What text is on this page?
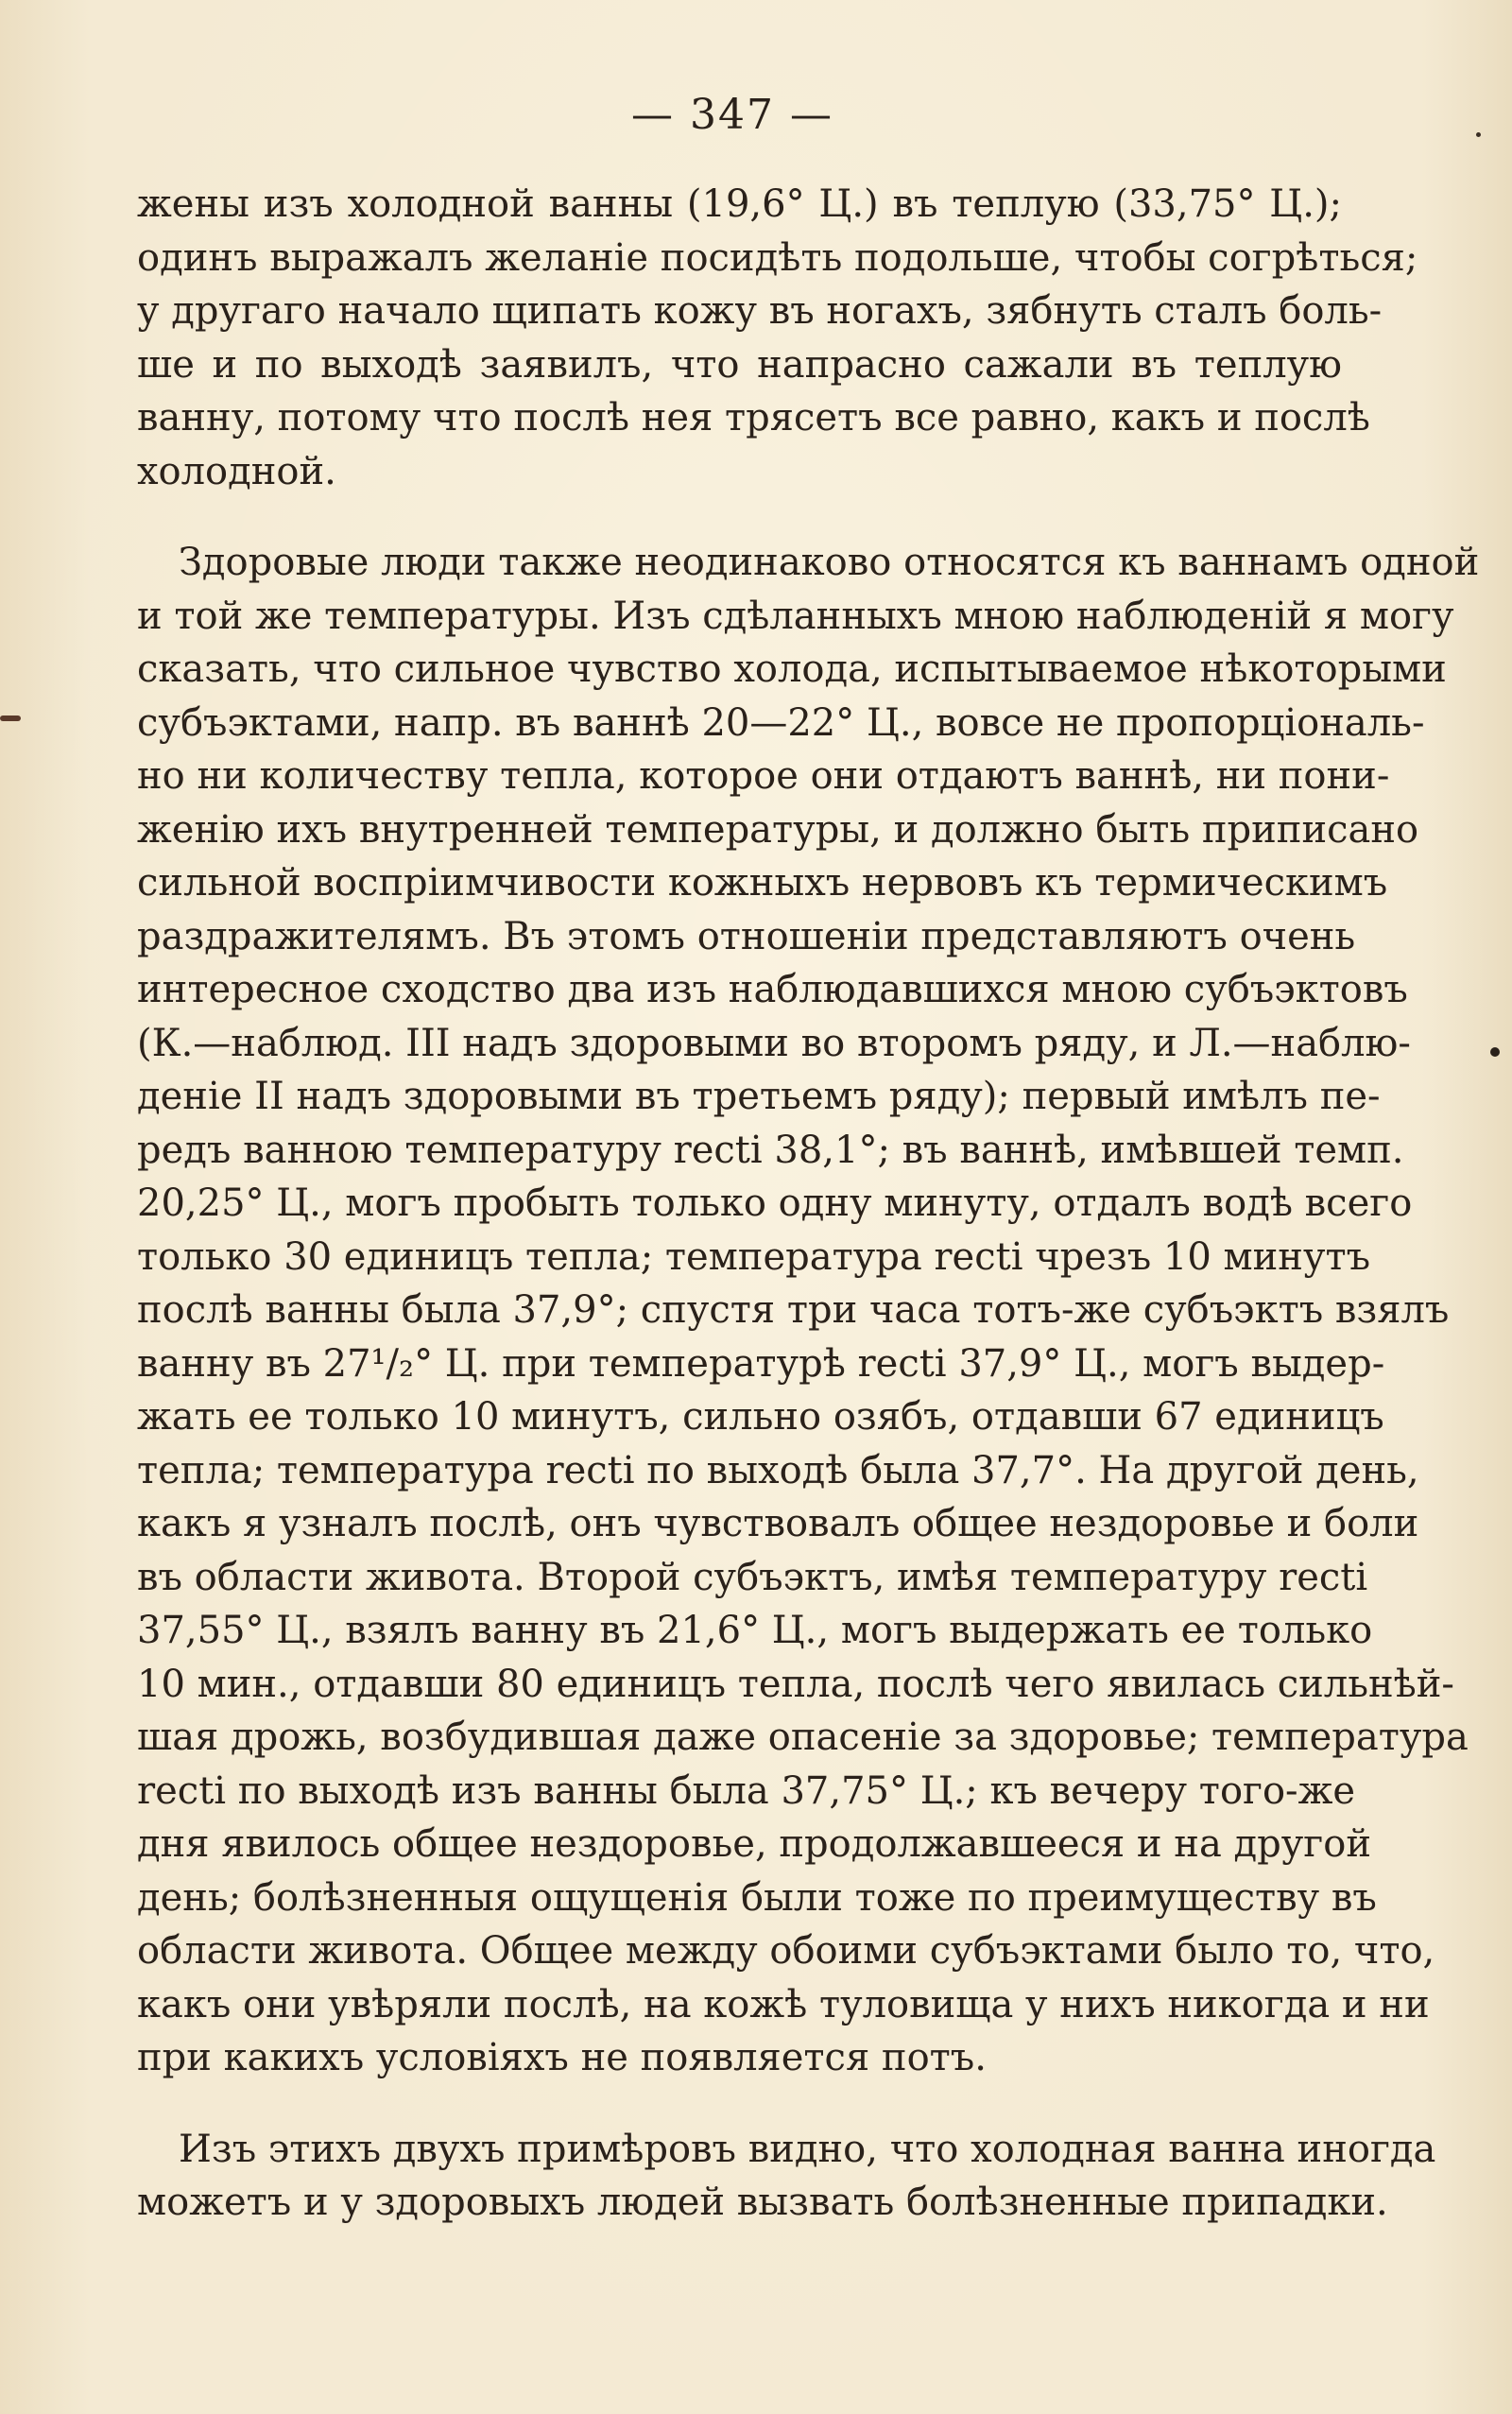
— 347 —

жены изъ холодной ванны (19,6° Ц.) въ теплую (33,75° Ц.);
одинъ выражалъ желаніе посидѣть подольше, чтобы согрѣться;
у другаго начало щипать кожу въ ногахъ, зябнуть сталъ боль-
ше и по выходѣ заявилъ, что напрасно сажали въ теплую
ванну, потому что послѣ нея трясетъ все равно, какъ и послѣ
холодной.

Здоровые люди также неодинаково относятся къ ваннамъ одной
и той же температуры. Изъ сдѣланныхъ мною наблюденій я могу
сказать, что сильное чувство холода, испытываемое нѣкоторыми
субъэктами, напр. въ ваннѣ 20—22° Ц., вовсе не пропорціональ-
но ни количеству тепла, которое они отдаютъ ваннѣ, ни пони-
женію ихъ внутренней температуры, и должно быть приписано
сильной воспріимчивости кожныхъ нервовъ къ термическимъ
раздражителямъ. Въ этомъ отношеніи представляютъ очень
интересное сходство два изъ наблюдавшихся мною субъэктовъ
(К.—наблюд. III надъ здоровыми во второмъ ряду, и Л.—наблю-
деніе II надъ здоровыми въ третьемъ ряду); первый имѣлъ пе-
редъ ванною температуру recti 38,1°; въ ваннѣ, имѣвшей темп.
20,25° Ц., могъ пробыть только одну минуту, отдалъ водѣ всего
только 30 единицъ тепла; температура recti чрезъ 10 минутъ
послѣ ванны была 37,9°; спустя три часа тотъ-же субъэктъ взялъ
ванну въ 27¹/₂° Ц. при температурѣ recti 37,9° Ц., могъ выдер-
жать ее только 10 минутъ, сильно озябъ, отдавши 67 единицъ
тепла; температура recti по выходѣ была 37,7°. На другой день,
какъ я узналъ послѣ, онъ чувствовалъ общее нездоровье и боли
въ области живота. Второй субъэктъ, имѣя температуру recti
37,55° Ц., взялъ ванну въ 21,6° Ц., могъ выдержать ее только
10 мин., отдавши 80 единицъ тепла, послѣ чего явилась сильнѣй-
шая дрожь, возбудившая даже опасеніе за здоровье; температура
recti по выходѣ изъ ванны была 37,75° Ц.; къ вечеру того-же
дня явилось общее нездоровье, продолжавшееся и на другой
день; болѣзненныя ощущенія были тоже по преимуществу въ
области живота. Общее между обоими субъэктами было то, что,
какъ они увѣряли послѣ, на кожѣ туловища у нихъ никогда и ни
при какихъ условіяхъ не появляется потъ.

Изъ этихъ двухъ примѣровъ видно, что холодная ванна иногда
можетъ и у здоровыхъ людей вызвать болѣзненные припадки.
